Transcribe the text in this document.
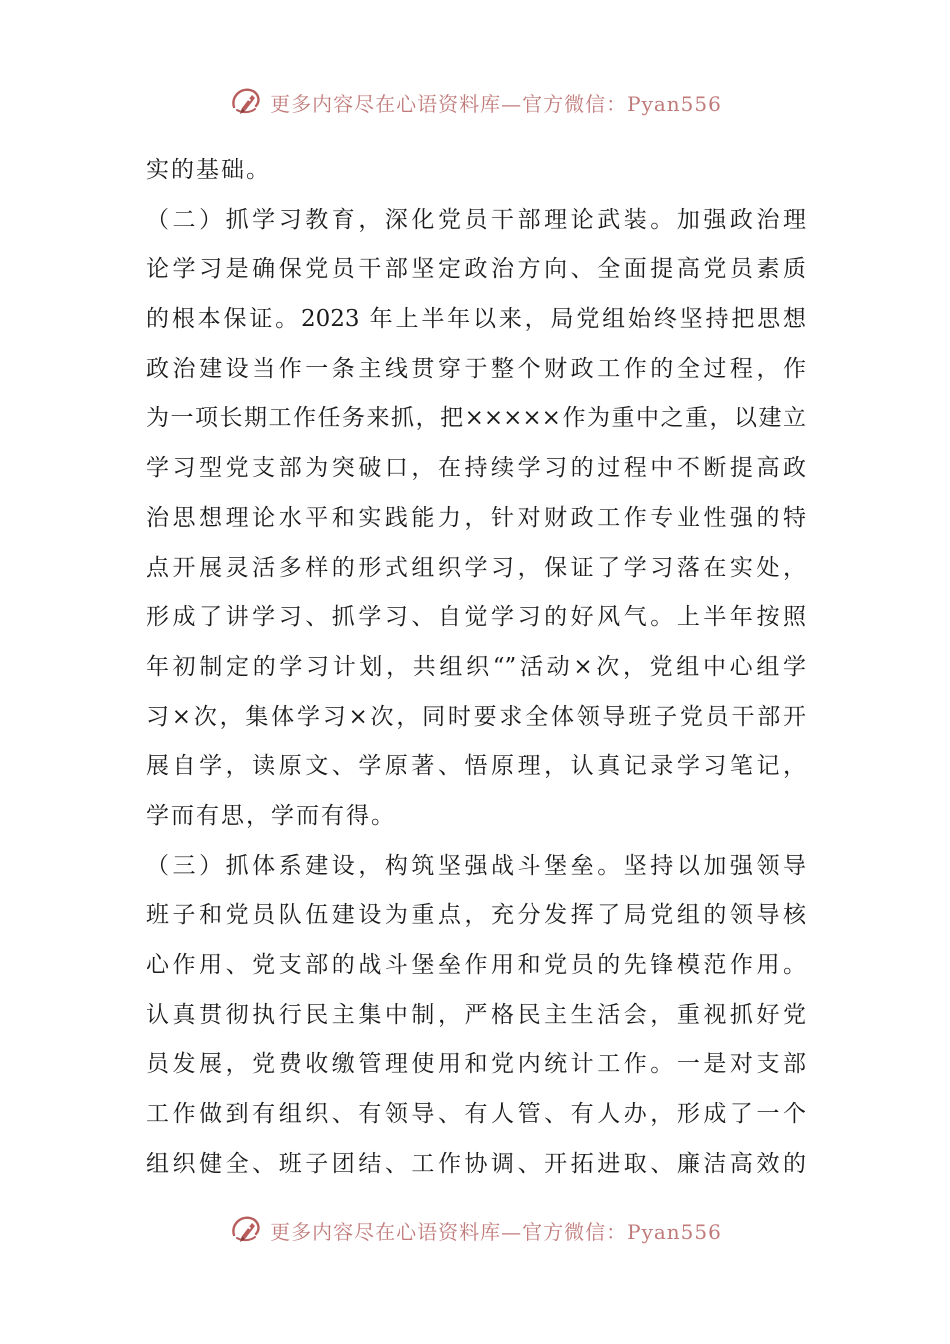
更多内容尽在心语资料库—官方微信：Pyan556
实的基础。
（二）抓学习教育，深化党员干部理论武装。加强政治理
论学习是确保党员干部坚定政治方向、全面提高党员素质
的根本保证。2023 年上半年以来，局党组始终坚持把思想
政治建设当作一条主线贯穿于整个财政工作的全过程，作
为一项长期工作任务来抓，把×××××作为重中之重，以建立
学习型党支部为突破口，在持续学习的过程中不断提高政
治思想理论水平和实践能力，针对财政工作专业性强的特
点开展灵活多样的形式组织学习，保证了学习落在实处，
形成了讲学习、抓学习、自觉学习的好风气。上半年按照
年初制定的学习计划，共组织“”活动×次，党组中心组学
习×次，集体学习×次，同时要求全体领导班子党员干部开
展自学，读原文、学原著、悟原理，认真记录学习笔记，
学而有思，学而有得。
（三）抓体系建设，构筑坚强战斗堡垒。坚持以加强领导
班子和党员队伍建设为重点，充分发挥了局党组的领导核
心作用、党支部的战斗堡垒作用和党员的先锋模范作用。
认真贯彻执行民主集中制，严格民主生活会，重视抓好党
员发展，党费收缴管理使用和党内统计工作。一是对支部
工作做到有组织、有领导、有人管、有人办，形成了一个
组织健全、班子团结、工作协调、开拓进取、廉洁高效的
更多内容尽在心语资料库—官方微信：Pyan556
